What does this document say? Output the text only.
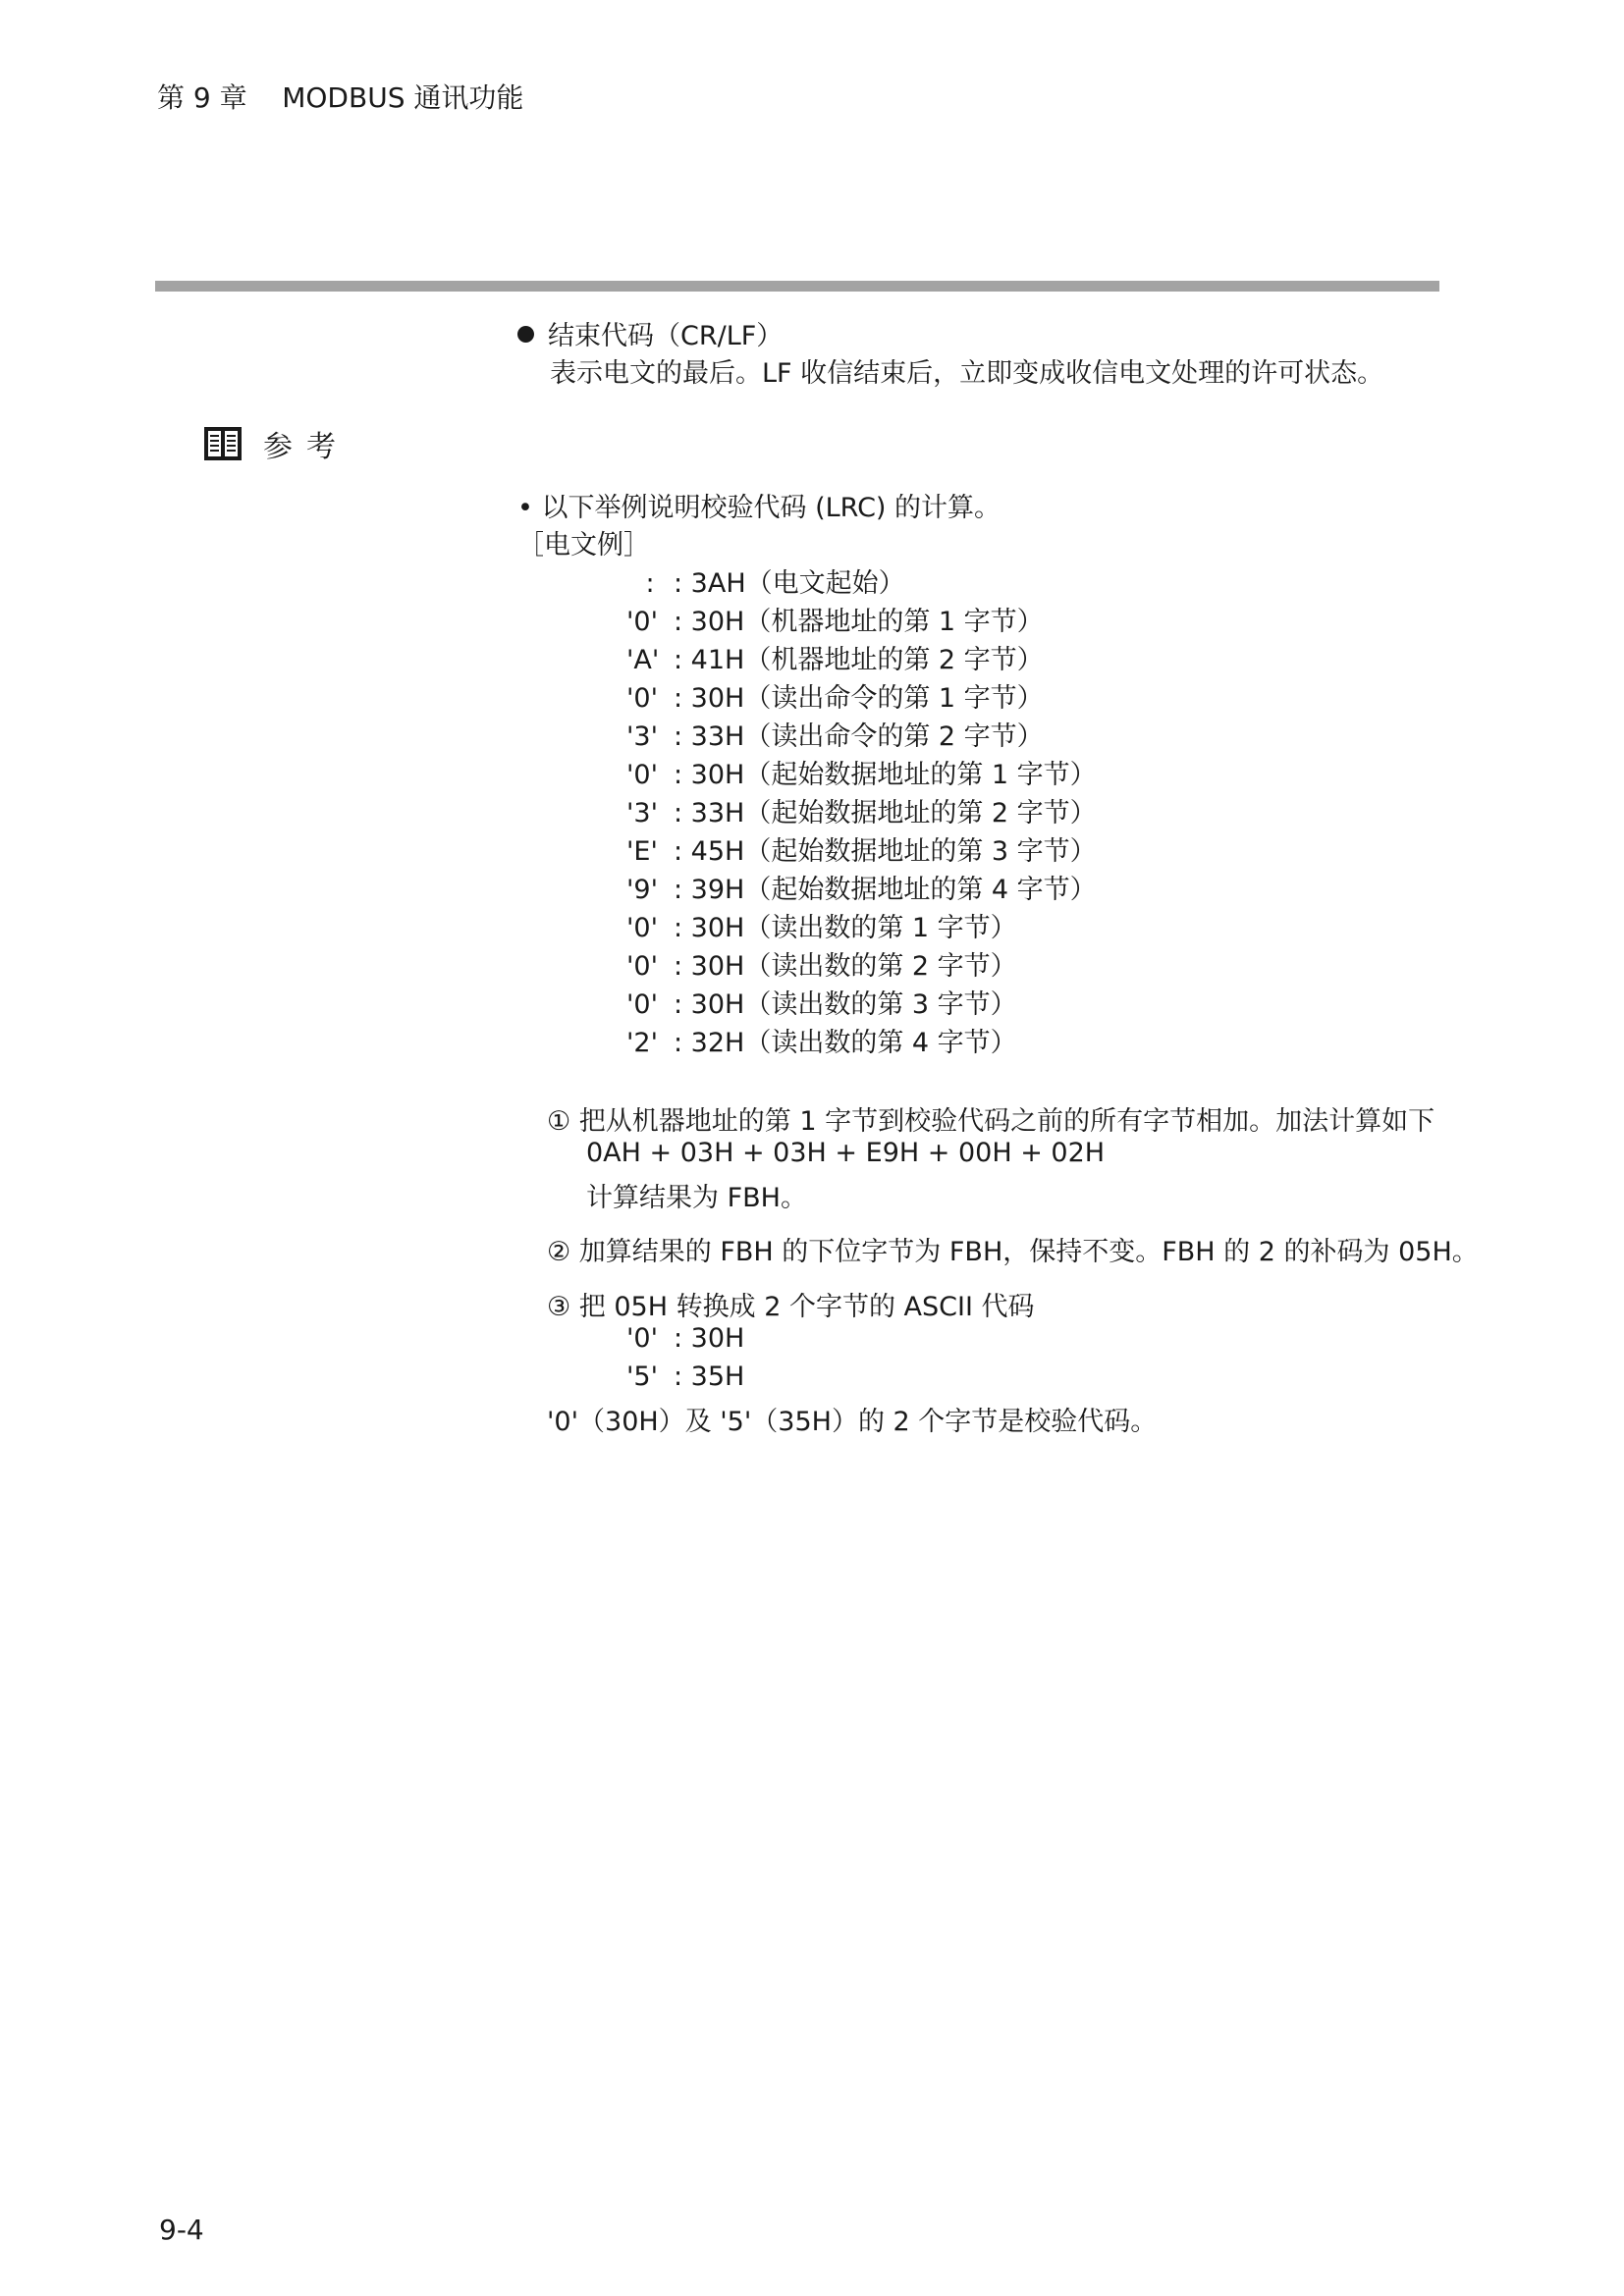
第 9 章 MODBUS 通讯功能
结束代码（CR/LF）
表示电文的最后。LF 收信结束后，立即变成收信电文处理的许可状态。
参考
• 以下举例说明校验代码 (LRC) 的计算。
［电文例］
: : 3AH（电文起始）
'0' : 30H（机器地址的第 1 字节）
'A' : 41H（机器地址的第 2 字节）
'0' : 30H（读出命令的第 1 字节）
'3' : 33H（读出命令的第 2 字节）
'0' : 30H（起始数据地址的第 1 字节）
'3' : 33H（起始数据地址的第 2 字节）
'E' : 45H（起始数据地址的第 3 字节）
'9' : 39H（起始数据地址的第 4 字节）
'0' : 30H（读出数的第 1 字节）
'0' : 30H（读出数的第 2 字节）
'0' : 30H（读出数的第 3 字节）
'2' : 32H（读出数的第 4 字节）
① 把从机器地址的第 1 字节到校验代码之前的所有字节相加。加法计算如下
0AH + 03H + 03H + E9H + 00H + 02H
计算结果为 FBH。
② 加算结果的 FBH 的下位字节为 FBH，保持不变。FBH 的 2 的补码为 05H。
③ 把 05H 转换成 2 个字节的 ASCII 代码
'0' : 30H
'5' : 35H
'0'（30H）及 '5'（35H）的 2 个字节是校验代码。
9-4
